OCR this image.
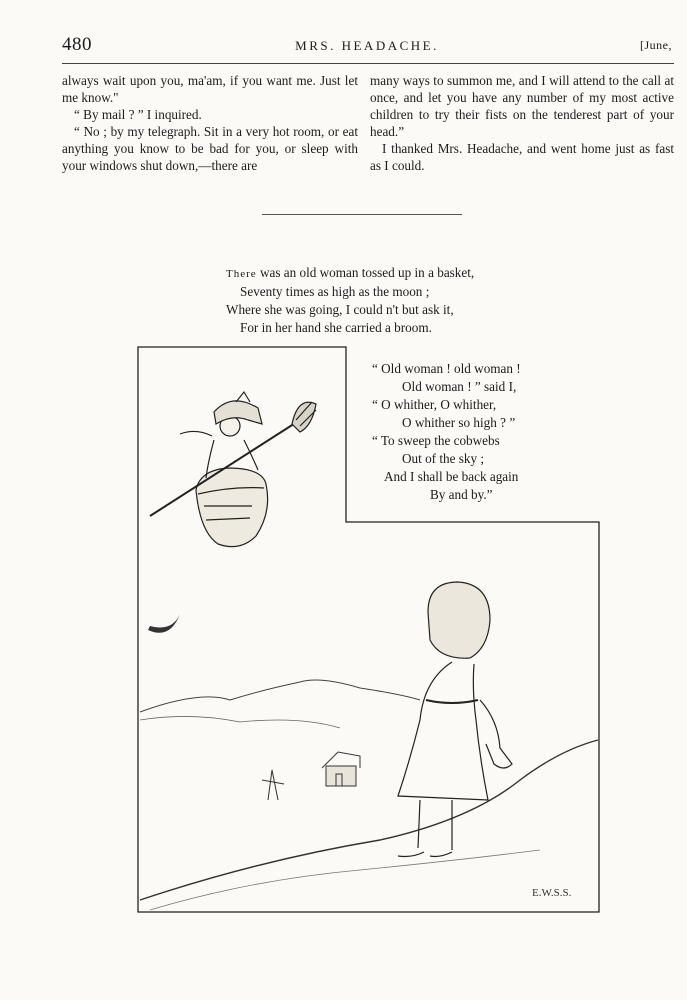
480	MRS. HEADACHE.	[June,

always wait upon you, ma'am, if you want me. Just let me know."

“ By mail ? ” I inquired.

“ No ; by my telegraph. Sit in a very hot room, or eat anything you know to be bad for you, or sleep with your windows shut down,—there are

many ways to summon me, and I will attend to the call at once, and let you have any number of my most active children to try their fists on the tenderest part of your head.”

I thanked Mrs. Headache, and went home just as fast as I could.

There was an old woman tossed up in a basket,
Seventy times as high as the moon ;
Where she was going, I could n't but ask it,
For in her hand she carried a broom.
“ Old woman ! old woman !
Old woman ! ” said I,
“ O whither, O whither,
O whither so high ? ”
“ To sweep the cobwebs
Out of the sky ;
And I shall be back again
By and by.”
E.W.S.S.
